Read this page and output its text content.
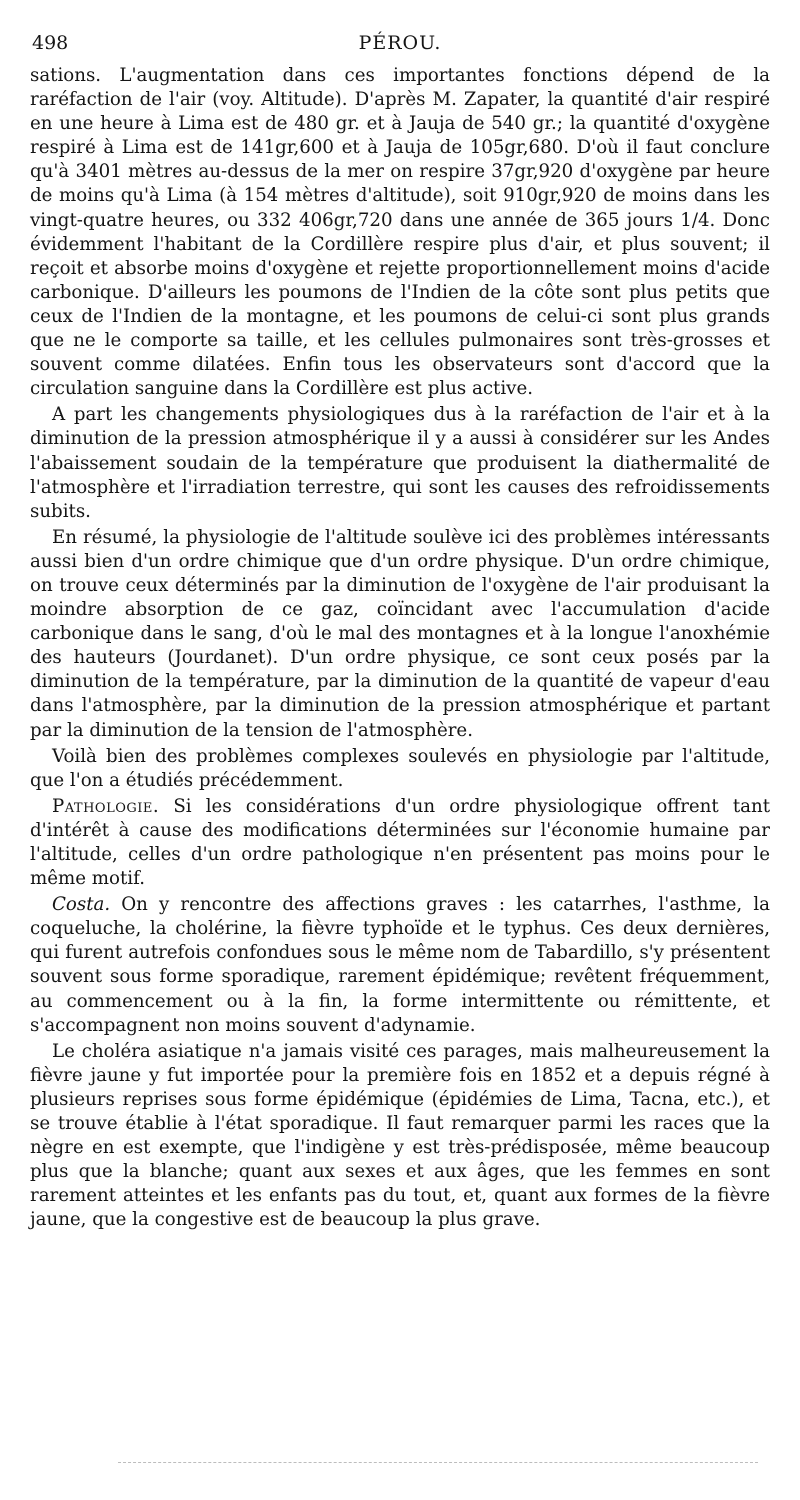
498	PÉROU.

sations. L'augmentation dans ces importantes fonctions dépend de la raréfaction de l'air (voy. Altitude). D'après M. Zapater, la quantité d'air respiré en une heure à Lima est de 480 gr. et à Jauja de 540 gr.; la quantité d'oxygène respiré à Lima est de 141gr,600 et à Jauja de 105gr,680. D'où il faut conclure qu'à 3401 mètres au-dessus de la mer on respire 37gr,920 d'oxygène par heure de moins qu'à Lima (à 154 mètres d'altitude), soit 910gr,920 de moins dans les vingt-quatre heures, ou 332 406gr,720 dans une année de 365 jours 1/4. Donc évidemment l'habitant de la Cordillère respire plus d'air, et plus souvent; il reçoit et absorbe moins d'oxygène et rejette proportionnellement moins d'acide carbonique. D'ailleurs les poumons de l'Indien de la côte sont plus petits que ceux de l'Indien de la montagne, et les poumons de celui-ci sont plus grands que ne le comporte sa taille, et les cellules pulmonaires sont très-grosses et souvent comme dilatées. Enfin tous les observateurs sont d'accord que la circulation sanguine dans la Cordillère est plus active.

A part les changements physiologiques dus à la raréfaction de l'air et à la diminution de la pression atmosphérique il y a aussi à considérer sur les Andes l'abaissement soudain de la température que produisent la diathermalité de l'atmosphère et l'irradiation terrestre, qui sont les causes des refroidissements subits.

En résumé, la physiologie de l'altitude soulève ici des problèmes intéressants aussi bien d'un ordre chimique que d'un ordre physique. D'un ordre chimique, on trouve ceux déterminés par la diminution de l'oxygène de l'air produisant la moindre absorption de ce gaz, coïncidant avec l'accumulation d'acide carbonique dans le sang, d'où le mal des montagnes et à la longue l'anoxhémie des hauteurs (Jourdanet). D'un ordre physique, ce sont ceux posés par la diminution de la température, par la diminution de la quantité de vapeur d'eau dans l'atmosphère, par la diminution de la pression atmosphérique et partant par la diminution de la tension de l'atmosphère.

Voilà bien des problèmes complexes soulevés en physiologie par l'altitude, que l'on a étudiés précédemment.

Pathologie. Si les considérations d'un ordre physiologique offrent tant d'intérêt à cause des modifications déterminées sur l'économie humaine par l'altitude, celles d'un ordre pathologique n'en présentent pas moins pour le même motif.

Costa. On y rencontre des affections graves : les catarrhes, l'asthme, la coqueluche, la cholérine, la fièvre typhoïde et le typhus. Ces deux dernières, qui furent autrefois confondues sous le même nom de Tabardillo, s'y présentent souvent sous forme sporadique, rarement épidémique; revêtent fréquemment, au commencement ou à la fin, la forme intermittente ou rémittente, et s'accompagnent non moins souvent d'adynamie.

Le choléra asiatique n'a jamais visité ces parages, mais malheureusement la fièvre jaune y fut importée pour la première fois en 1852 et a depuis régné à plusieurs reprises sous forme épidémique (épidémies de Lima, Tacna, etc.), et se trouve établie à l'état sporadique. Il faut remarquer parmi les races que la nègre en est exempte, que l'indigène y est très-prédisposée, même beaucoup plus que la blanche; quant aux sexes et aux âges, que les femmes en sont rarement atteintes et les enfants pas du tout, et, quant aux formes de la fièvre jaune, que la congestive est de beaucoup la plus grave.
